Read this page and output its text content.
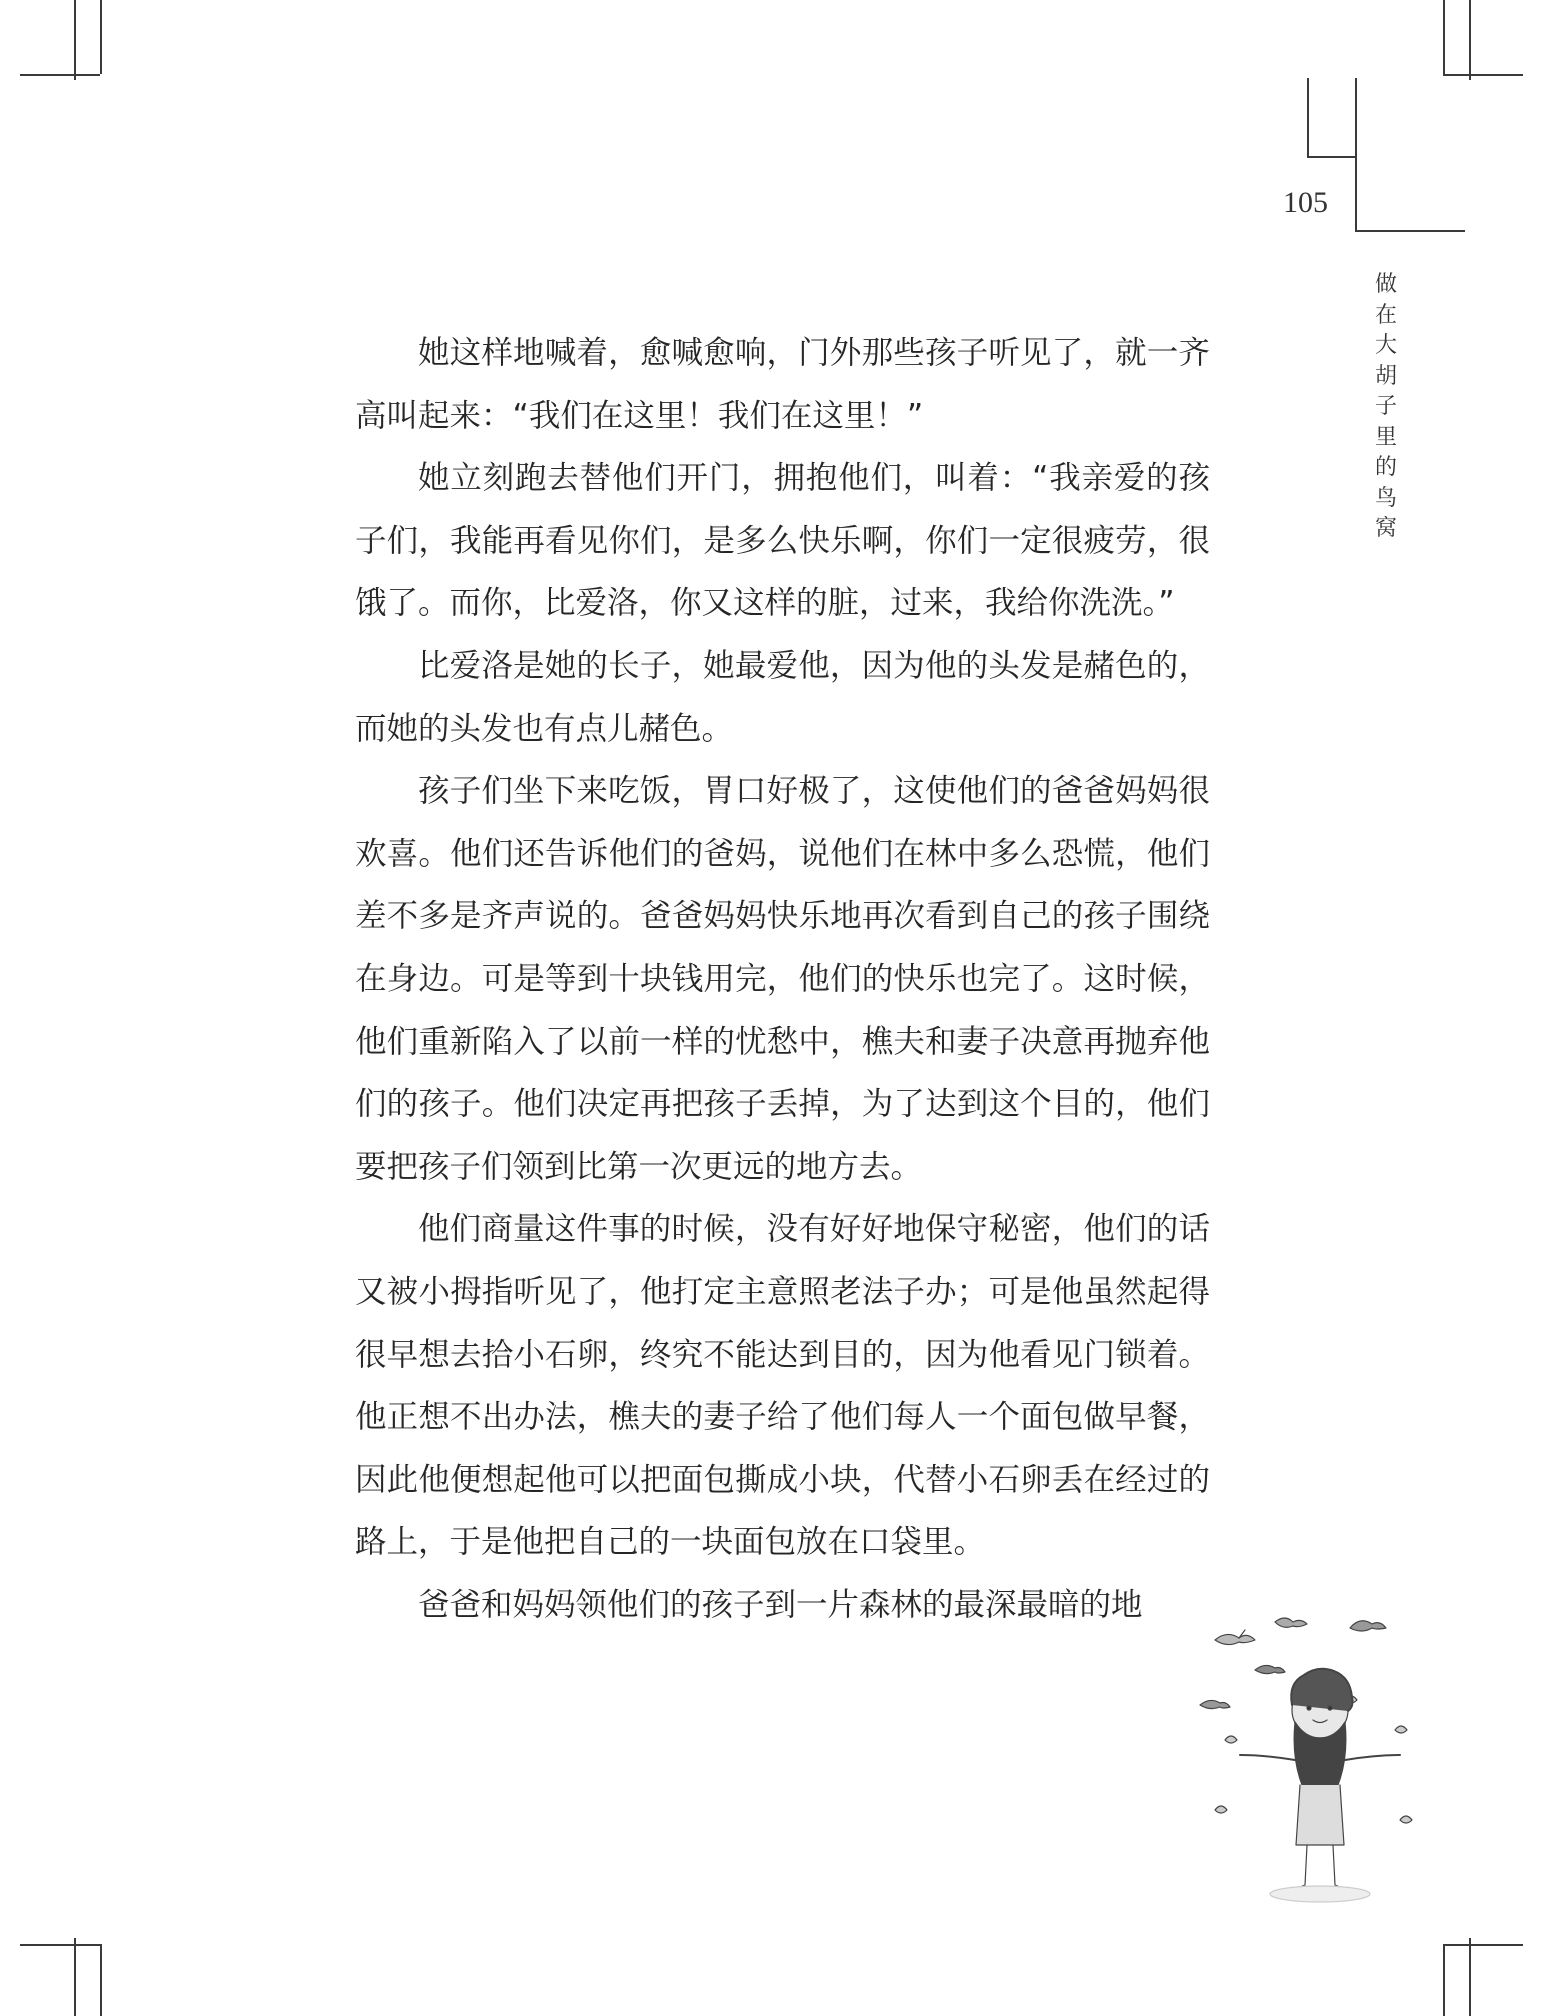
105
做
在
大
胡
子
里
的
鸟
窝

她这样地喊着，愈喊愈响，门外那些孩子听见了，就一齐高叫起来：“我们在这里！我们在这里！”

她立刻跑去替他们开门，拥抱他们，叫着：“我亲爱的孩子们，我能再看见你们，是多么快乐啊，你们一定很疲劳，很饿了。而你，比爱洛，你又这样的脏，过来，我给你洗洗。”

比爱洛是她的长子，她最爱他，因为他的头发是赭色的，而她的头发也有点儿赭色。

孩子们坐下来吃饭，胃口好极了，这使他们的爸爸妈妈很欢喜。他们还告诉他们的爸妈，说他们在林中多么恐慌，他们差不多是齐声说的。爸爸妈妈快乐地再次看到自己的孩子围绕在身边。可是等到十块钱用完，他们的快乐也完了。这时候，他们重新陷入了以前一样的忧愁中，樵夫和妻子决意再抛弃他们的孩子。他们决定再把孩子丢掉，为了达到这个目的，他们要把孩子们领到比第一次更远的地方去。

他们商量这件事的时候，没有好好地保守秘密，他们的话又被小拇指听见了，他打定主意照老法子办；可是他虽然起得很早想去拾小石卵，终究不能达到目的，因为他看见门锁着。他正想不出办法，樵夫的妻子给了他们每人一个面包做早餐，因此他便想起他可以把面包撕成小块，代替小石卵丢在经过的路上，于是他把自己的一块面包放在口袋里。

爸爸和妈妈领他们的孩子到一片森林的最深最暗的地
